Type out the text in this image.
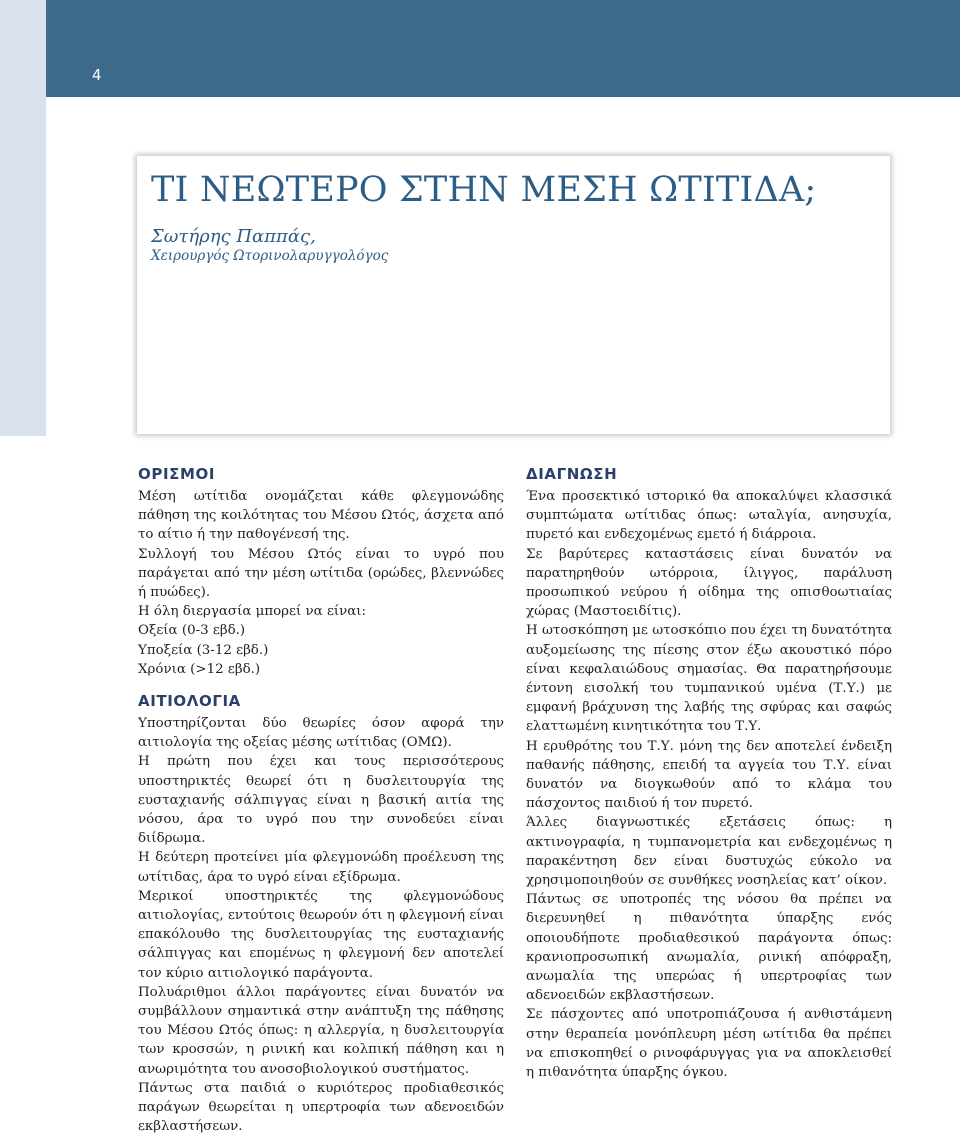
4
ΤΙ ΝΕΩΤΕΡΟ ΣΤΗΝ ΜΕΣΗ ΩΤΙΤΙΔΑ;
Σωτήρης Παππάς,
Χειρουργός Ωτορινολαρυγγολόγος
ΟΡΙΣΜΟΙ

Μέση ωτίτιδα ονομάζεται κάθε φλεγμονώδης πάθηση της κοιλότητας του Μέσου Ωτός, άσχετα από το αίτιο ή την παθογένεσή της.

Συλλογή του Μέσου Ωτός είναι το υγρό που παράγεται από την μέση ωτίτιδα (ορώδες, βλεννώδες ή πυώδες).

Η όλη διεργασία μπορεί να είναι:

Οξεία (0-3 εβδ.)

Υποξεία (3-12 εβδ.)

Χρόνια (>12 εβδ.)

ΑΙΤΙΟΛΟΓΙΑ

Υποστηρίζονται δύο θεωρίες όσον αφορά την αιτιολογία της οξείας μέσης ωτίτιδας (ΟΜΩ).

Η πρώτη που έχει και τους περισσότερους υποστηρικτές θεωρεί ότι η δυσλειτουργία της ευσταχιανής σάλπιγγας είναι η βασική αιτία της νόσου, άρα το υγρό που την συνοδεύει είναι διίδρωμα.

Η δεύτερη προτείνει μία φλεγμονώδη προέλευση της ωτίτιδας, άρα το υγρό είναι εξίδρωμα.

Μερικοί υποστηρικτές της φλεγμονώδους αιτιολογίας, εντούτοις θεωρούν ότι η φλεγμονή είναι επακόλουθο της δυσλειτουργίας της ευσταχιανής σάλπιγγας και επομένως η φλεγμονή δεν αποτελεί τον κύριο αιτιολογικό παράγοντα.

Πολυάριθμοι άλλοι παράγοντες είναι δυνατόν να συμβάλλουν σημαντικά στην ανάπτυξη της πάθησης του Μέσου Ωτός όπως: η αλλεργία, η δυσλειτουργία των κροσσών, η ρινική και κολπική πάθηση και η ανωριμότητα του ανοσοβιολογικού συστήματος.

Πάντως στα παιδιά ο κυριότερος προδιαθεσικός παράγων θεωρείται η υπερτροφία των αδενοειδών εκβλαστήσεων.

ΔΙΑΓΝΩΣΗ

Ένα προσεκτικό ιστορικό θα αποκαλύψει κλασσικά συμπτώματα ωτίτιδας όπως: ωταλγία, ανησυχία, πυρετό και ενδεχομένως εμετό ή διάρροια.

Σε βαρύτερες καταστάσεις είναι δυνατόν να παρατηρηθούν ωτόρροια, ίλιγγος, παράλυση προσωπικού νεύρου ή οίδημα της οπισθοωτιαίας χώρας (Μαστοειδίτις).

Η ωτοσκόπηση με ωτοσκόπιο που έχει τη δυνατότητα αυξομείωσης της πίεσης στον έξω ακουστικό πόρο είναι κεφαλαιώδους σημασίας. Θα παρατηρήσουμε έντονη εισολκή του τυμπανικού υμένα (Τ.Υ.) με εμφανή βράχυνση της λαβής της σφύρας και σαφώς ελαττωμένη κινητικότητα του Τ.Υ.

Η ερυθρότης του Τ.Υ. μόνη της δεν αποτελεί ένδειξη παθανής πάθησης, επειδή τα αγγεία του Τ.Υ. είναι δυνατόν να διογκωθούν από το κλάμα του πάσχοντος παιδιού ή τον πυρετό.

Άλλες διαγνωστικές εξετάσεις όπως: η ακτινογραφία, η τυμπανομετρία και ενδεχομένως η παρακέντηση δεν είναι δυστυχώς εύκολο να χρησιμοποιηθούν σε συνθήκες νοσηλείας κατ’ οίκον.

Πάντως σε υποτροπές της νόσου θα πρέπει να διερευνηθεί η πιθανότητα ύπαρξης ενός οποιουδήποτε προδιαθεσικού παράγοντα όπως: κρανιοπροσωπική ανωμαλία, ρινική απόφραξη, ανωμαλία της υπερώας ή υπερτροφίας των αδενοειδών εκβλαστήσεων.

Σε πάσχοντες από υποτροπιάζουσα ή ανθιστάμενη στην θεραπεία μονόπλευρη μέση ωτίτιδα θα πρέπει να επισκοπηθεί ο ρινοφάρυγγας για να αποκλεισθεί η πιθανότητα ύπαρξης όγκου.
